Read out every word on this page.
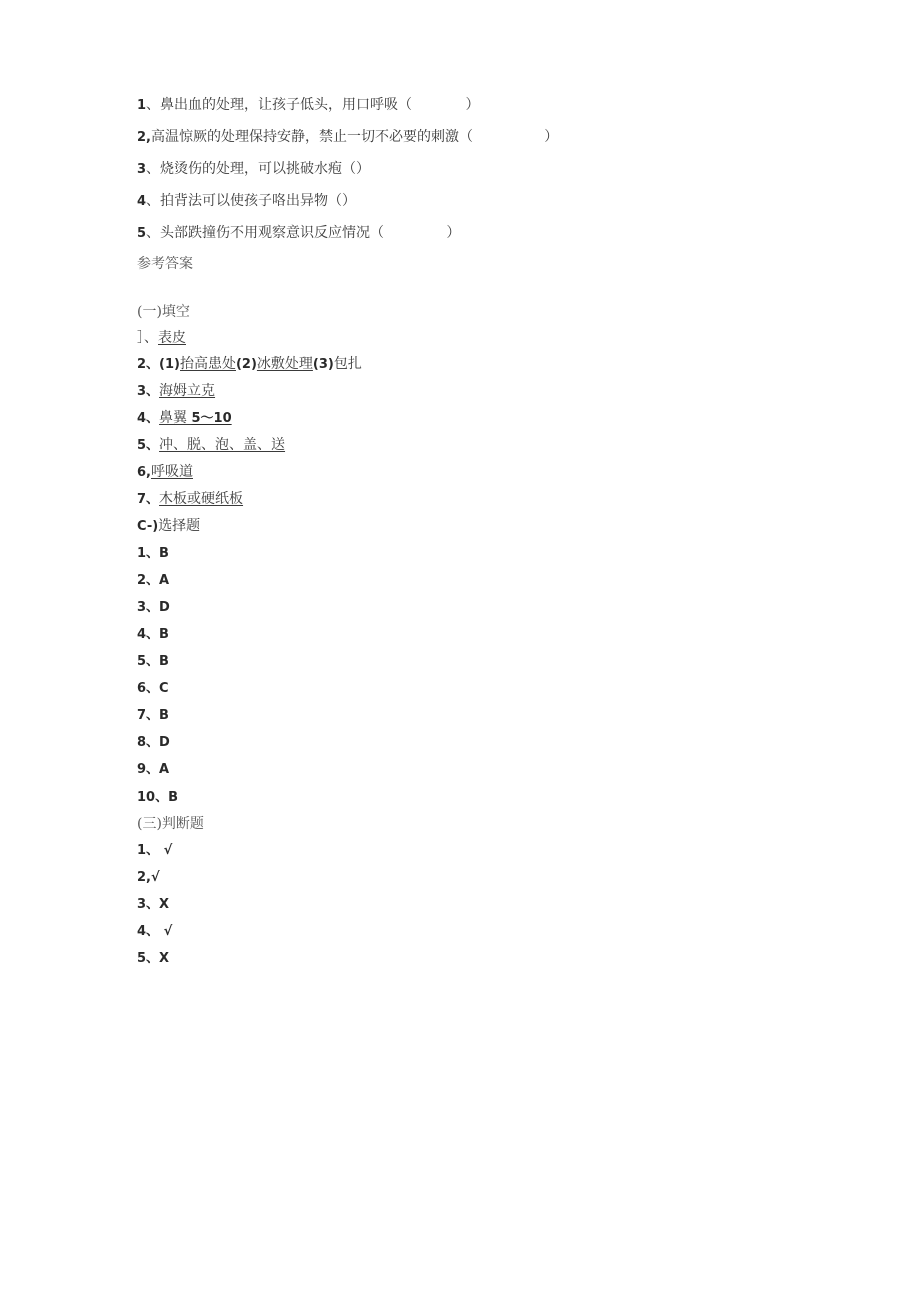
1、鼻出血的处理，让孩子低头，用口呼吸（	）
2,高温惊厥的处理保持安静，禁止一切不必要的刺激（	）
3、烧烫伤的处理，可以挑破水疱（）
4、拍背法可以使孩子咯出异物（）
5、头部跌撞伤不用观察意识反应情况（	）
参考答案
(一)填空
］、表皮
2、(1)抬高患处(2)冰敷处理(3)包扎
3、海姆立克
4、鼻翼 5〜10
5、冲、脱、泡、盖、送
6,呼吸道
7、木板或硬纸板
C-)选择题
1、B
2、A
3、D
4、B
5、B
6、C
7、B
8、D
9、A
10、B
(三)判断题
1、 √
2,√
3、X
4、 √
5、X
